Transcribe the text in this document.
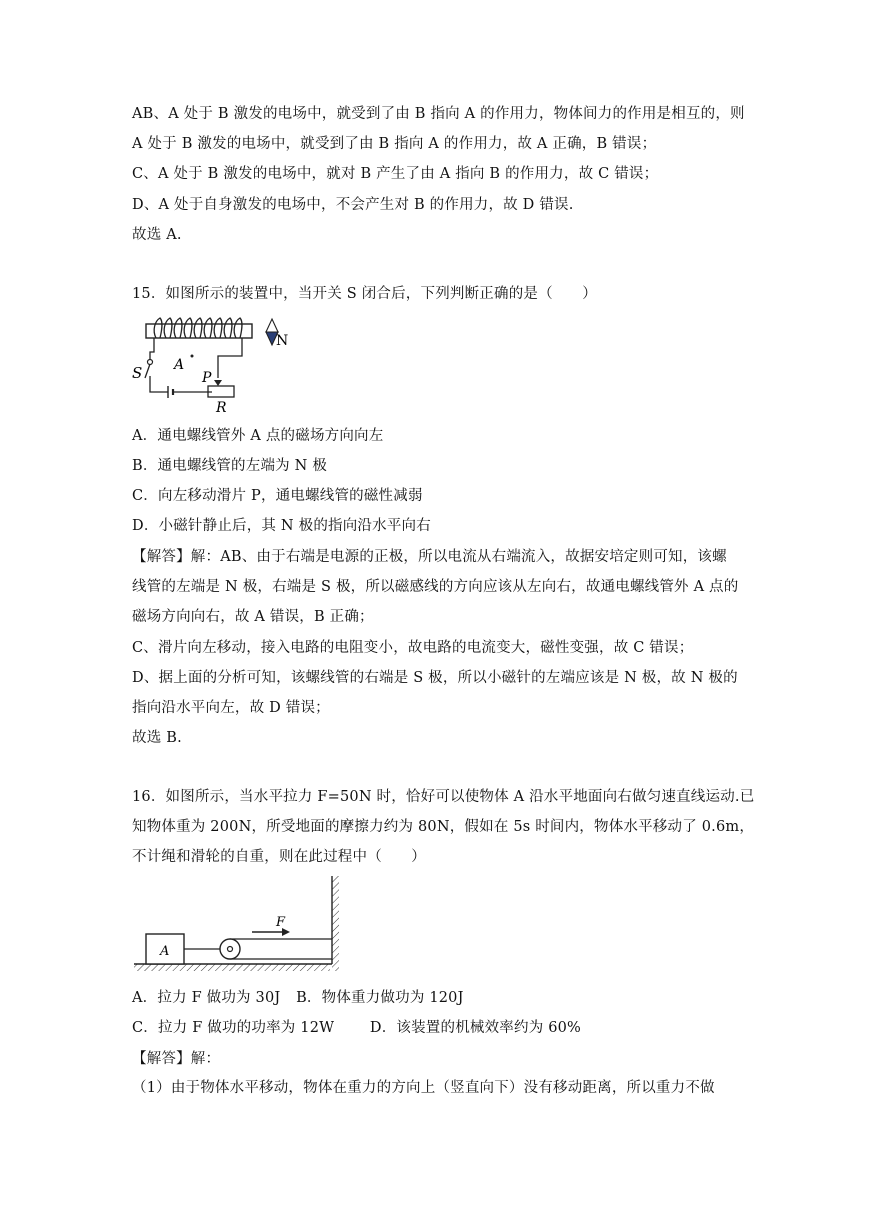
AB、A 处于 B 激发的电场中，就受到了由 B 指向 A 的作用力，物体间力的作用是相互的，则
A 处于 B 激发的电场中，就受到了由 B 指向 A 的作用力，故 A 正确，B 错误；
C、A 处于 B 激发的电场中，就对 B 产生了由 A 指向 B 的作用力，故 C 错误；
D、A 处于自身激发的电场中，不会产生对 B 的作用力，故 D 错误.
故选 A.
15．如图所示的装置中，当开关 S 闭合后，下列判断正确的是（　　）
S A
P
R
N
A．通电螺线管外 A 点的磁场方向向左
B．通电螺线管的左端为 N 极
C．向左移动滑片 P，通电螺线管的磁性减弱
D．小磁针静止后，其 N 极的指向沿水平向右
【解答】解：AB、由于右端是电源的正极，所以电流从右端流入，故据安培定则可知，该螺
线管的左端是 N 极，右端是 S 极，所以磁感线的方向应该从左向右，故通电螺线管外 A 点的
磁场方向向右，故 A 错误，B 正确；
C、滑片向左移动，接入电路的电阻变小，故电路的电流变大，磁性变强，故 C 错误；
D、据上面的分析可知，该螺线管的右端是 S 极，所以小磁针的左端应该是 N 极，故 N 极的
指向沿水平向左，故 D 错误；
故选 B.
16．如图所示，当水平拉力 F=50N 时，恰好可以使物体 A 沿水平地面向右做匀速直线运动.已
知物体重为 200N，所受地面的摩擦力约为 80N，假如在 5s 时间内，物体水平移动了 0.6m，
不计绳和滑轮的自重，则在此过程中（　　）
A
F
A．拉力 F 做功为 30J B．物体重力做功为 120J
C．拉力 F 做功的功率为 12W D．该装置的机械效率约为 60%
【解答】解：
（1）由于物体水平移动，物体在重力的方向上（竖直向下）没有移动距离，所以重力不做
